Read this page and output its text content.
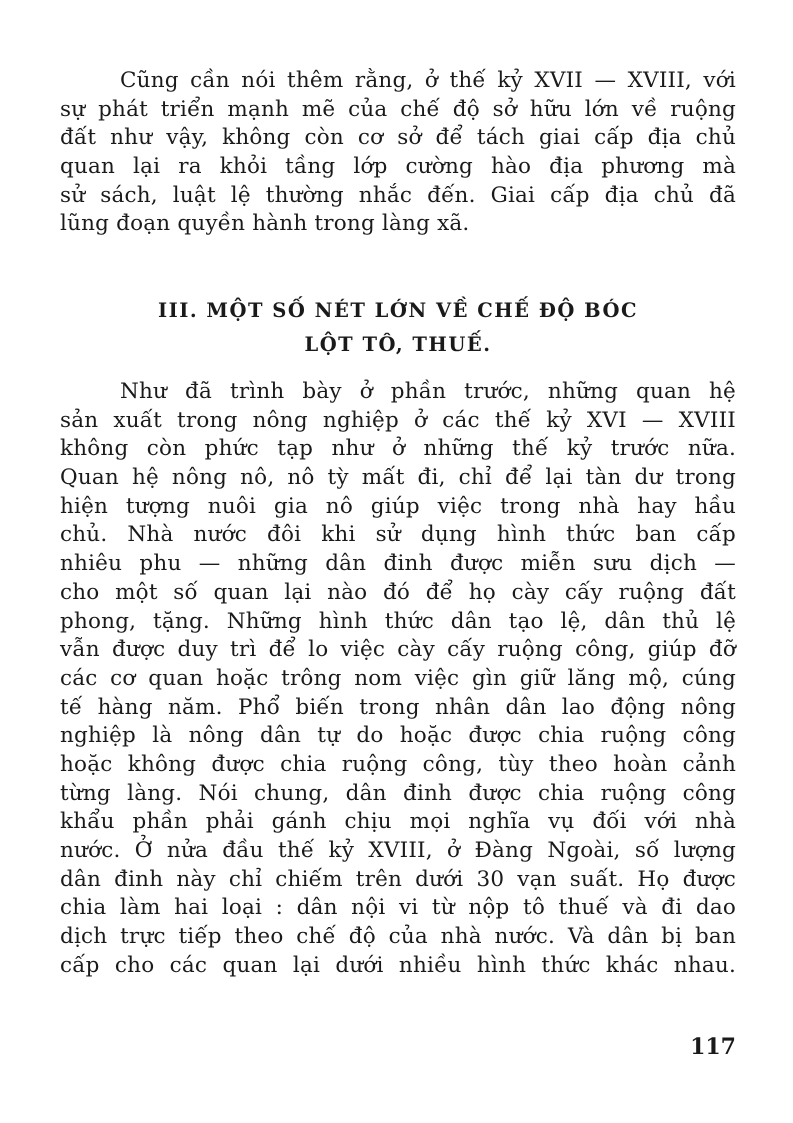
Cũng cần nói thêm rằng, ở thế kỷ XVII — XVIII, với
sự phát triển mạnh mẽ của chế độ sở hữu lớn về ruộng
đất như vậy, không còn cơ sở để tách giai cấp địa chủ
quan lại ra khỏi tầng lớp cường hào địa phương mà
sử sách, luật lệ thường nhắc đến. Giai cấp địa chủ đã
lũng đoạn quyền hành trong làng xã.
III. MỘT SỐ NÉT LỚN VỀ CHẾ ĐỘ BÓC
LỘT TÔ, THUẾ.
Như đã trình bày ở phần trước, những quan hệ
sản xuất trong nông nghiệp ở các thế kỷ XVI — XVIII
không còn phức tạp như ở những thế kỷ trước nữa.
Quan hệ nông nô, nô tỳ mất đi, chỉ để lại tàn dư trong
hiện tượng nuôi gia nô giúp việc trong nhà hay hầu
chủ. Nhà nước đôi khi sử dụng hình thức ban cấp
nhiêu phu — những dân đinh được miễn sưu dịch —
cho một số quan lại nào đó để họ cày cấy ruộng đất
phong, tặng. Những hình thức dân tạo lệ, dân thủ lệ
vẫn được duy trì để lo việc cày cấy ruộng công, giúp đỡ
các cơ quan hoặc trông nom việc gìn giữ lăng mộ, cúng
tế hàng năm. Phổ biến trong nhân dân lao động nông
nghiệp là nông dân tự do hoặc được chia ruộng công
hoặc không được chia ruộng công, tùy theo hoàn cảnh
từng làng. Nói chung, dân đinh được chia ruộng công
khẩu phần phải gánh chịu mọi nghĩa vụ đối với nhà
nước. Ở nửa đầu thế kỷ XVIII, ở Đàng Ngoài, số lượng
dân đinh này chỉ chiếm trên dưới 30 vạn suất. Họ được
chia làm hai loại : dân nội vi từ nộp tô thuế và đi dao
dịch trực tiếp theo chế độ của nhà nước. Và dân bị ban
cấp cho các quan lại dưới nhiều hình thức khác nhau.
117
